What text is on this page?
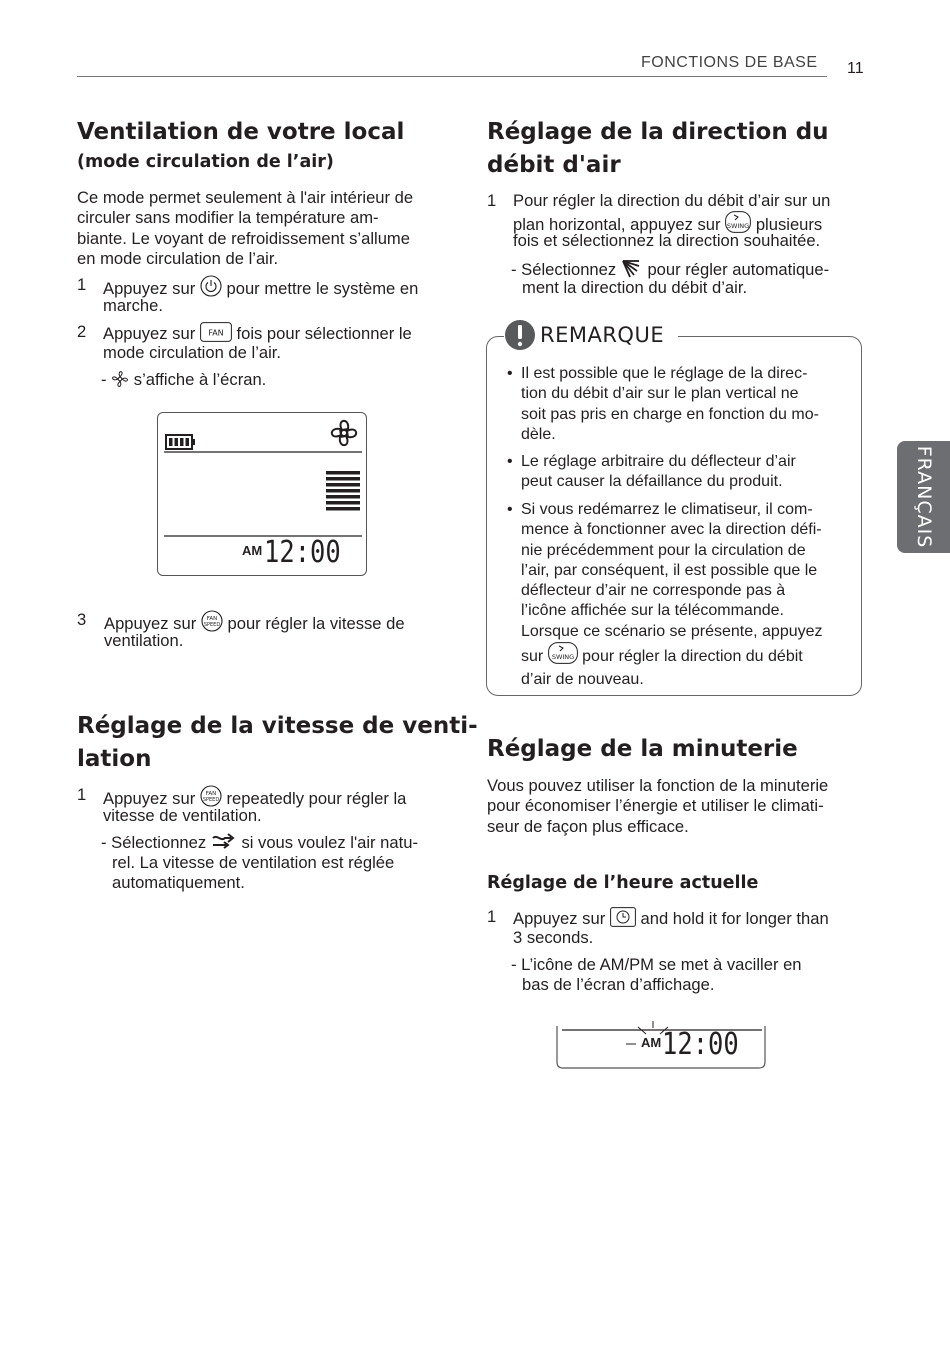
FONCTIONS DE BASE 11
FRANÇAIS
Ventilation de votre local
(mode circulation de l’air)

Ce mode permet seulement à l'air intérieur de

circuler sans modifier la température am-

biante. Le voyant de refroidissement s’allume

en mode circulation de l’air.

1 Appuyez sur pour mettre le système en
marche.
2 Appuyez sur FAN fois pour sélectionner le
mode circulation de l’air.
- s’affiche à l’écran.
AM 12:00
3 Appuyez sur FAN
SPEED pour régler la vitesse de
ventilation.
Réglage de la vitesse de venti-
lation
1 Appuyez sur FAN
SPEED repeatedly pour régler la
vitesse de ventilation.
- Sélectionnez si vous voulez l'air natu-
rel. La vitesse de ventilation est réglée
automatiquement.
Réglage de la direction du
débit d'air
1 Pour régler la direction du débit d’air sur un
plan horizontal, appuyez sur SWING plusieurs
fois et sélectionnez la direction souhaitée.
- Sélectionnez pour régler automatique-
ment la direction du débit d’air.
REMARQUE
• Il est possible que le réglage de la direc-
tion du débit d’air sur le plan vertical ne
soit pas pris en charge en fonction du mo-
dèle.
• Le réglage arbitraire du déflecteur d’air
peut causer la défaillance du produit.
• Si vous redémarrez le climatiseur, il com-
mence à fonctionner avec la direction défi-
nie précédemment pour la circulation de
l’air, par conséquent, il est possible que le
déflecteur d’air ne corresponde pas à
l’icône affichée sur la télécommande.
Lorsque ce scénario se présente, appuyez
sur SWING pour régler la direction du débit
d’air de nouveau.
Réglage de la minuterie

Vous pouvez utiliser la fonction de la minuterie

pour économiser l’énergie et utiliser le climati-

seur de façon plus efficace.

Réglage de l’heure actuelle
1 Appuyez sur and hold it for longer than
3 seconds.
- L’icône de AM/PM se met à vaciller en
bas de l’écran d’affichage.
AM 12:00
